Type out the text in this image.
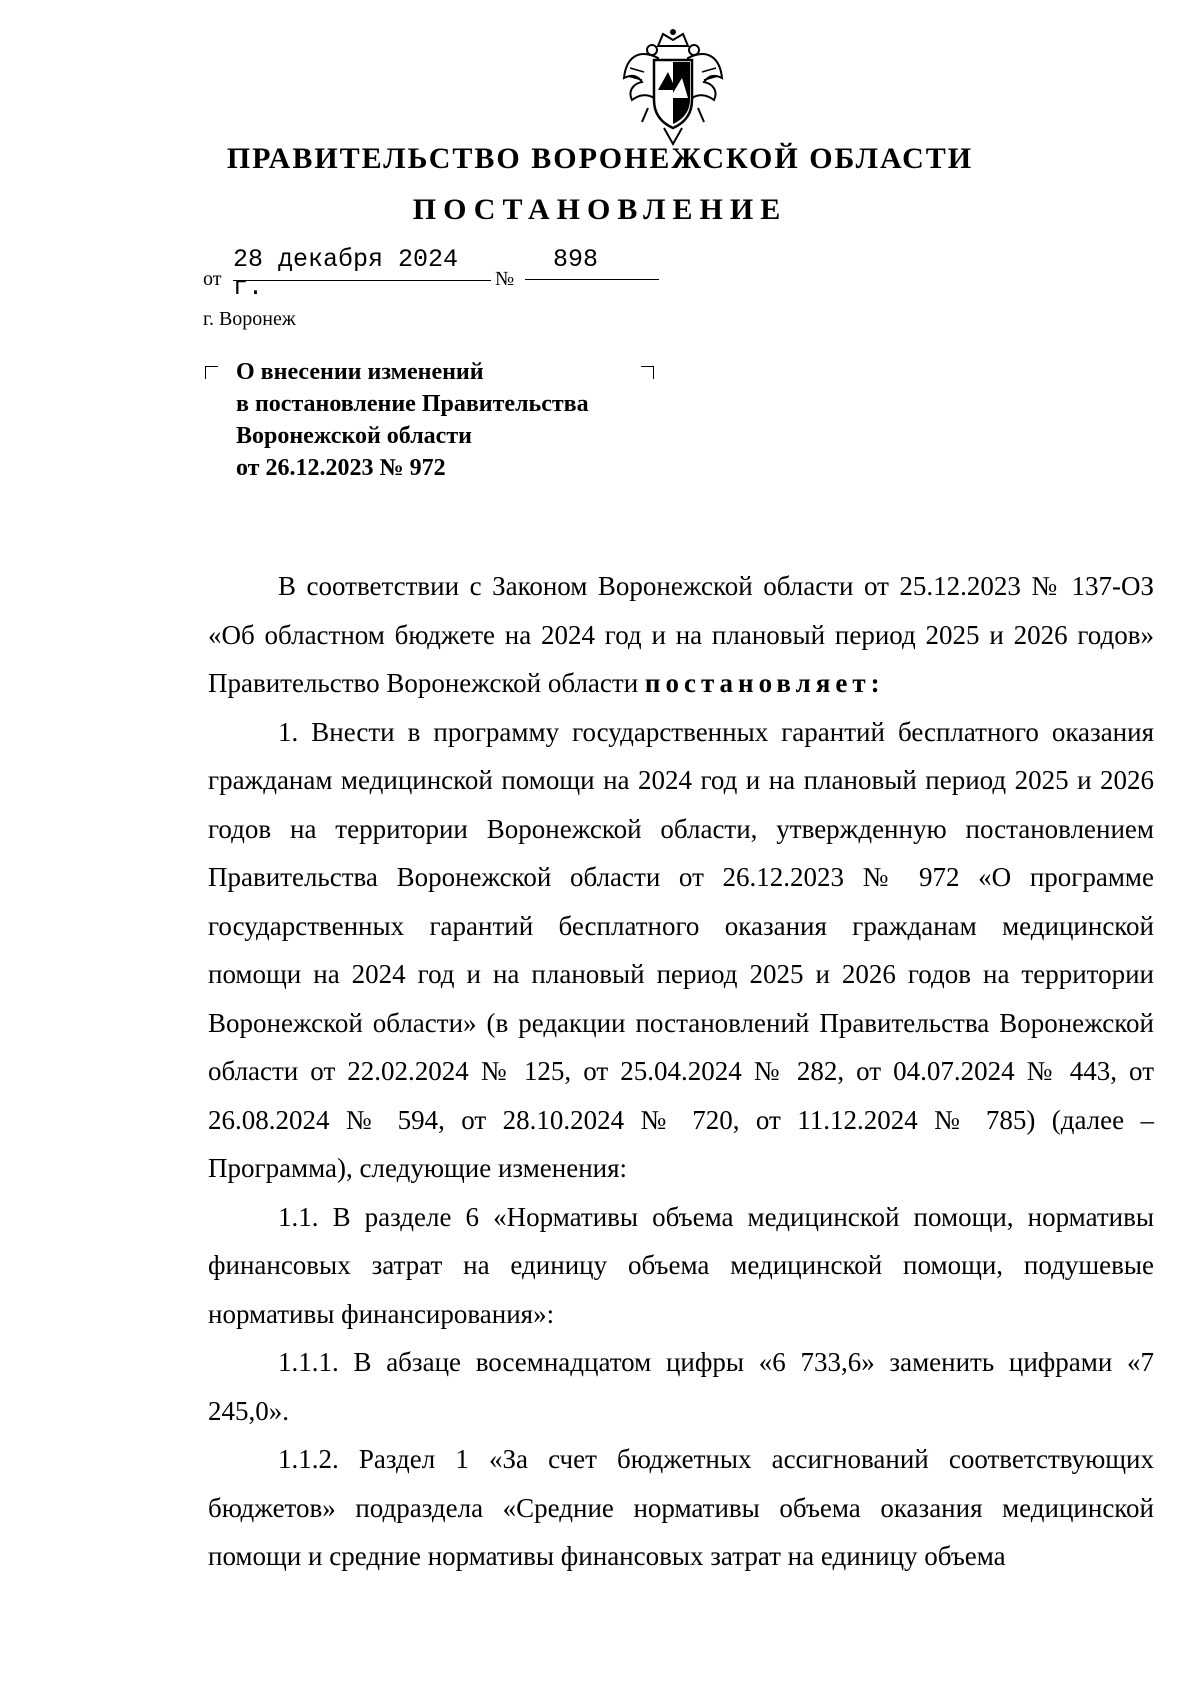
ПРАВИТЕЛЬСТВО ВОРОНЕЖСКОЙ ОБЛАСТИ
ПОСТАНОВЛЕНИЕ
от
28 декабря 2024 г.	№
898
г. Воронеж
О внесении изменений
в постановление Правительства
Воронежской области
от 26.12.2023 № 972

В соответствии с Законом Воронежской области от 25.12.2023 № 137-ОЗ «Об областном бюджете на 2024 год и на плановый период 2025 и 2026 годов» Правительство Воронежской области постановляет:

1. Внести в программу государственных гарантий бесплатного оказания гражданам медицинской помощи на 2024 год и на плановый период 2025 и 2026 годов на территории Воронежской области, утвержденную постановлением Правительства Воронежской области от 26.12.2023 № 972 «О программе государственных гарантий бесплатного оказания гражданам медицинской помощи на 2024 год и на плановый период 2025 и 2026 годов на территории Воронежской области» (в редакции постановлений Правительства Воронежской области от 22.02.2024 № 125, от 25.04.2024 № 282, от 04.07.2024 № 443, от 26.08.2024 № 594, от 28.10.2024 № 720, от 11.12.2024 № 785) (далее – Программа), следующие изменения:

1.1. В разделе 6 «Нормативы объема медицинской помощи, нормативы финансовых затрат на единицу объема медицинской помощи, подушевые нормативы финансирования»:

1.1.1. В абзаце восемнадцатом цифры «6 733,6» заменить цифрами «7 245,0».

1.1.2. Раздел 1 «За счет бюджетных ассигнований соответствующих бюджетов» подраздела «Средние нормативы объема оказания медицинской помощи и средние нормативы финансовых затрат на единицу объема
